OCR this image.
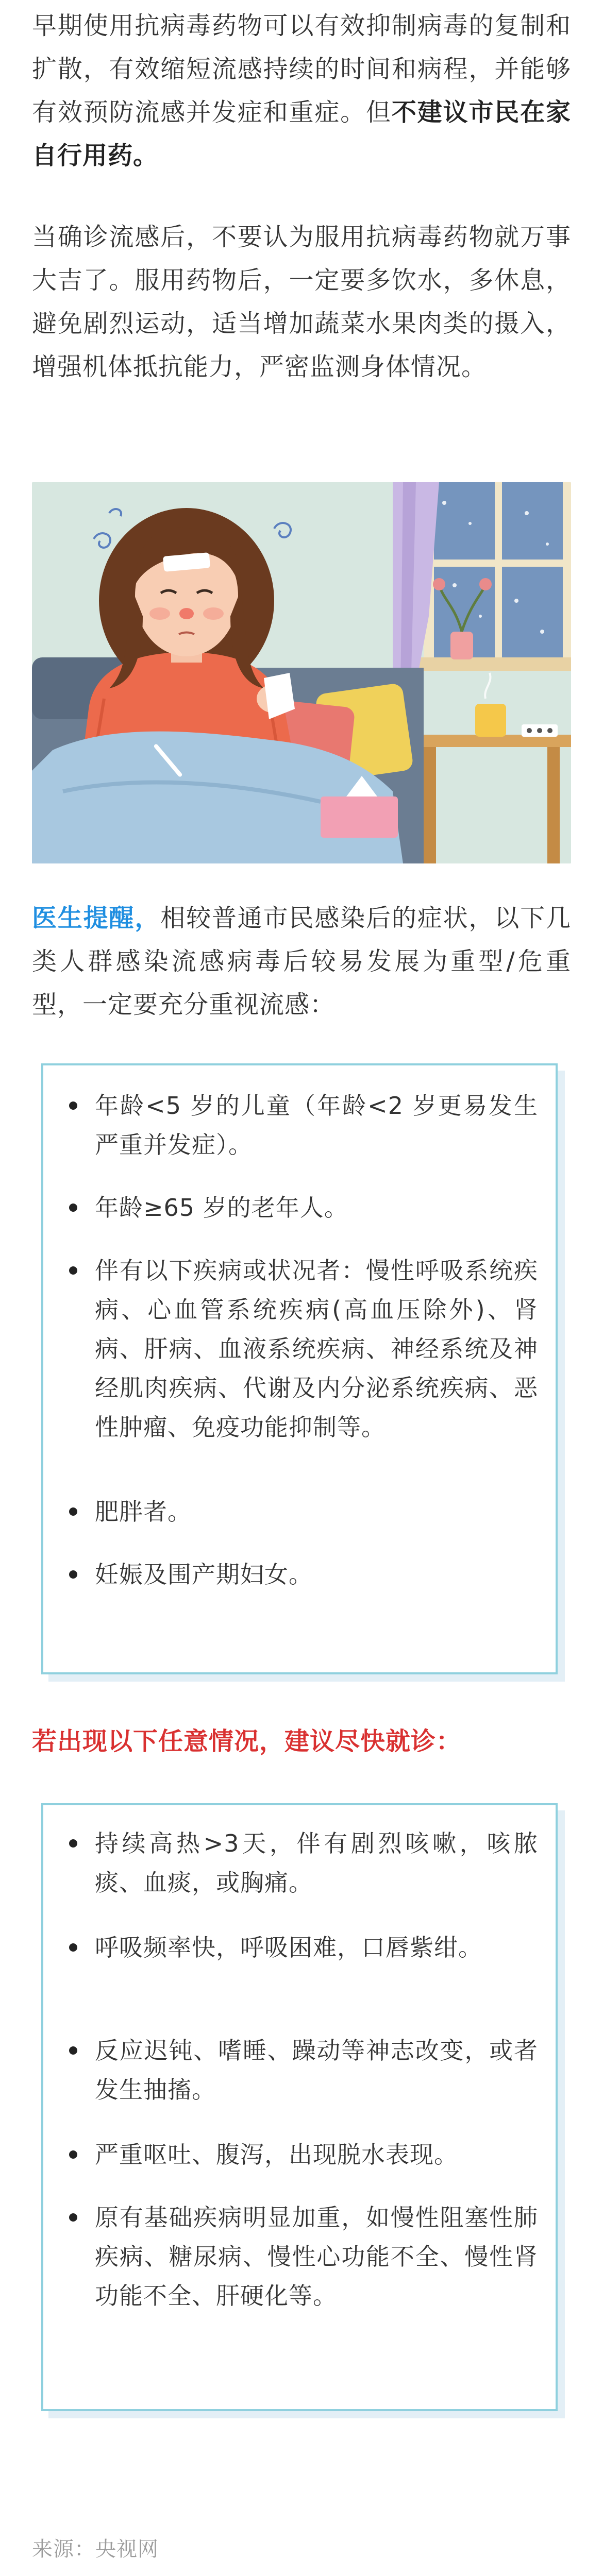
早期使用抗病毒药物可以有效抑制病毒的复制和扩散，有效缩短流感持续的时间和病程，并能够有效预防流感并发症和重症。但不建议市民在家自行用药。

当确诊流感后，不要认为服用抗病毒药物就万事大吉了。服用药物后，一定要多饮水，多休息，避免剧烈运动，适当增加蔬菜水果肉类的摄入，增强机体抵抗能力，严密监测身体情况。

医生提醒，相较普通市民感染后的症状，以下几类人群感染流感病毒后较易发展为重型/危重型，一定要充分重视流感：

年龄<5 岁的儿童（年龄<2 岁更易发生严重并发症）。
年龄≥65 岁的老年人。
伴有以下疾病或状况者：慢性呼吸系统疾病、心血管系统疾病(高血压除外)、肾病、肝病、血液系统疾病、神经系统及神经肌肉疾病、代谢及内分泌系统疾病、恶性肿瘤、免疫功能抑制等。
肥胖者。
妊娠及围产期妇女。
若出现以下任意情况，建议尽快就诊：
持续高热>3天，伴有剧烈咳嗽，咳脓痰、血痰，或胸痛。
呼吸频率快，呼吸困难，口唇紫绀。
反应迟钝、嗜睡、躁动等神志改变，或者发生抽搐。
严重呕吐、腹泻，出现脱水表现。
原有基础疾病明显加重，如慢性阻塞性肺疾病、糖尿病、慢性心功能不全、慢性肾功能不全、肝硬化等。
来源：央视网
